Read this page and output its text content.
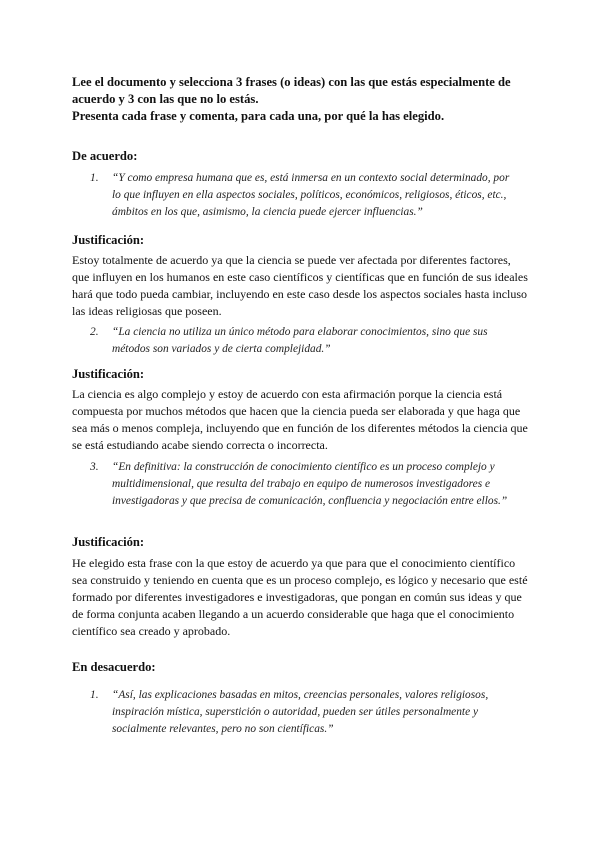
Lee el documento y selecciona 3 frases (o ideas) con las que estás especialmente de acuerdo y 3 con las que no lo estás.

Presenta cada frase y comenta, para cada una, por qué la has elegido.

De acuerdo:
1.	“Y como empresa humana que es, está inmersa en un contexto social determinado, por lo que influyen en ella aspectos sociales, políticos, económicos, religiosos, éticos, etc., ámbitos en los que, asimismo, la ciencia puede ejercer influencias.”
Justificación:
Estoy totalmente de acuerdo ya que la ciencia se puede ver afectada por diferentes factores, que influyen en los humanos en este caso científicos y científicas que en función de sus ideales hará que todo pueda cambiar, incluyendo en este caso desde los aspectos sociales hasta incluso las ideas religiosas que poseen.
2.	“La ciencia no utiliza un único método para elaborar conocimientos, sino que sus métodos son variados y de cierta complejidad.”
Justificación:
La ciencia es algo complejo y estoy de acuerdo con esta afirmación porque la ciencia está compuesta por muchos métodos que hacen que la ciencia pueda ser elaborada y que haga que sea más o menos compleja, incluyendo que en función de los diferentes métodos la ciencia que se está estudiando acabe siendo correcta o incorrecta.
3.	“En definitiva: la construcción de conocimiento científico es un proceso complejo y multidimensional, que resulta del trabajo en equipo de numerosos investigadores e investigadoras y que precisa de comunicación, confluencia y negociación entre ellos.”
Justificación:
He elegido esta frase con la que estoy de acuerdo ya que para que el conocimiento científico sea construido y teniendo en cuenta que es un proceso complejo, es lógico y necesario que esté formado por diferentes investigadores e investigadoras, que pongan en común sus ideas y que de forma conjunta acaben llegando a un acuerdo considerable que haga que el conocimiento científico sea creado y aprobado.
En desacuerdo:
1.	“Así, las explicaciones basadas en mitos, creencias personales, valores religiosos, inspiración mística, superstición o autoridad, pueden ser útiles personalmente y socialmente relevantes, pero no son científicas.”
